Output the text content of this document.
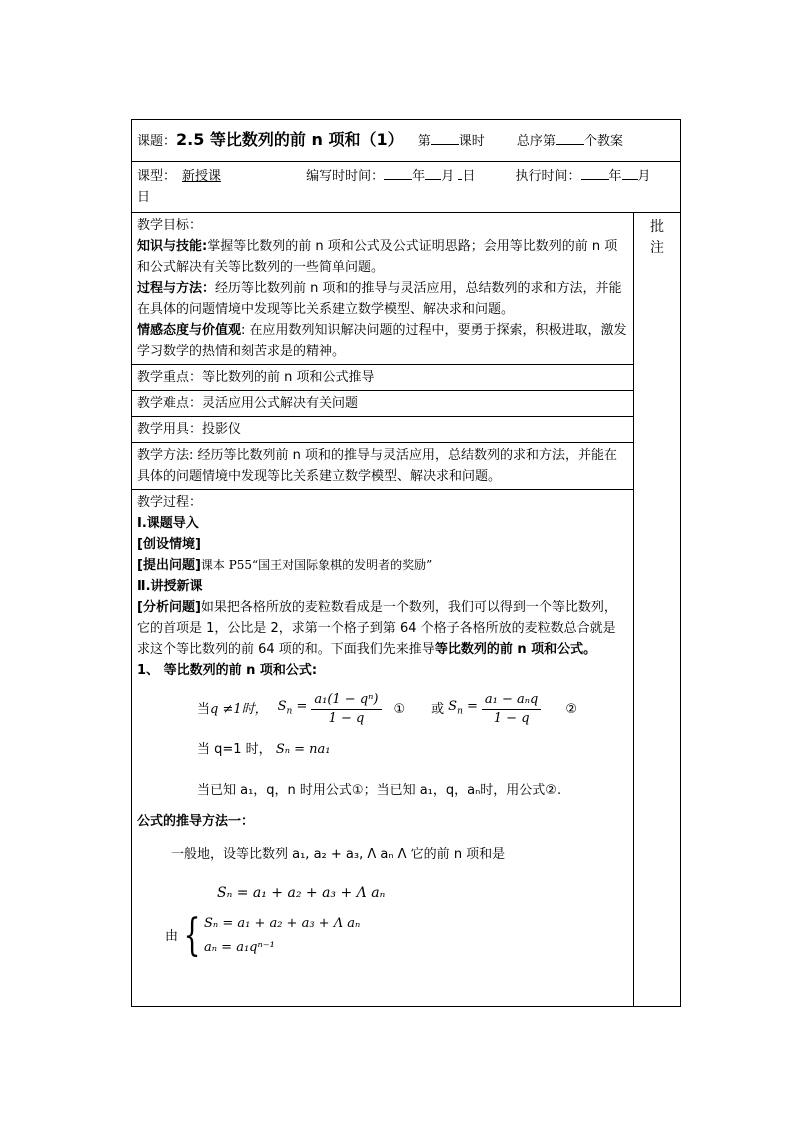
课题：2.5 等比数列的前 n 项和（1） 第 课时 总序第 个教案
课型： 新授课	编写时时间： 年 月 日	执行时间： 年 月
日

教学目标：
知识与技能:掌握等比数列的前 n 项和公式及公式证明思路；会用等比数列的前 n 项和公式解决有关等比数列的一些简单问题。
过程与方法：经历等比数列前 n 项和的推导与灵活应用，总结数列的求和方法，并能在具体的问题情境中发现等比关系建立数学模型、解决求和问题。
情感态度与价值观: 在应用数列知识解决问题的过程中，要勇于探索，积极进取，激发学习数学的热情和刻苦求是的精神。

批
注

教学重点：等比数列的前 n 项和公式推导
教学难点：灵活应用公式解决有关问题
教学用具：投影仪
教学方法: 经历等比数列前 n 项和的推导与灵活应用，总结数列的求和方法，并能在具体的问题情境中发现等比关系建立数学模型、解决求和问题。

教学过程：
Ⅰ.课题导入
[创设情境]
[提出问题]课本 P55“国王对国际象棋的发明者的奖励”
Ⅱ.讲授新课
[分析问题]如果把各格所放的麦粒数看成是一个数列，我们可以得到一个等比数列，它的首项是 1，公比是 2，求第一个格子到第 64 个格子各格所放的麦粒数总合就是求这个等比数列的前 64 项的和。下面我们先来推导等比数列的前 n 项和公式。
1、 等比数列的前 n 项和公式:
当 q ≠1时， $S_n = \frac{\text{a₁(1 − qⁿ)}}{1 - q}$ ① 或 $S_n = \frac{\text{a₁ − aₙq}}{1 - q}$ ②
当 q=1 时， Sₙ = na₁
当已知 a₁，q，n 时用公式①；当已知 a₁，q，aₙ时，用公式②.
公式的推导方法一：
一般地，设等比数列 a₁, a₂ + a₃, Λ aₙ Λ 它的前 n 项和是
Sₙ = a₁ + a₂ + a₃ + Λ aₙ
由 { Sₙ = a₁ + a₂ + a₃ + Λ aₙ
aₙ = a₁qⁿ⁻¹
